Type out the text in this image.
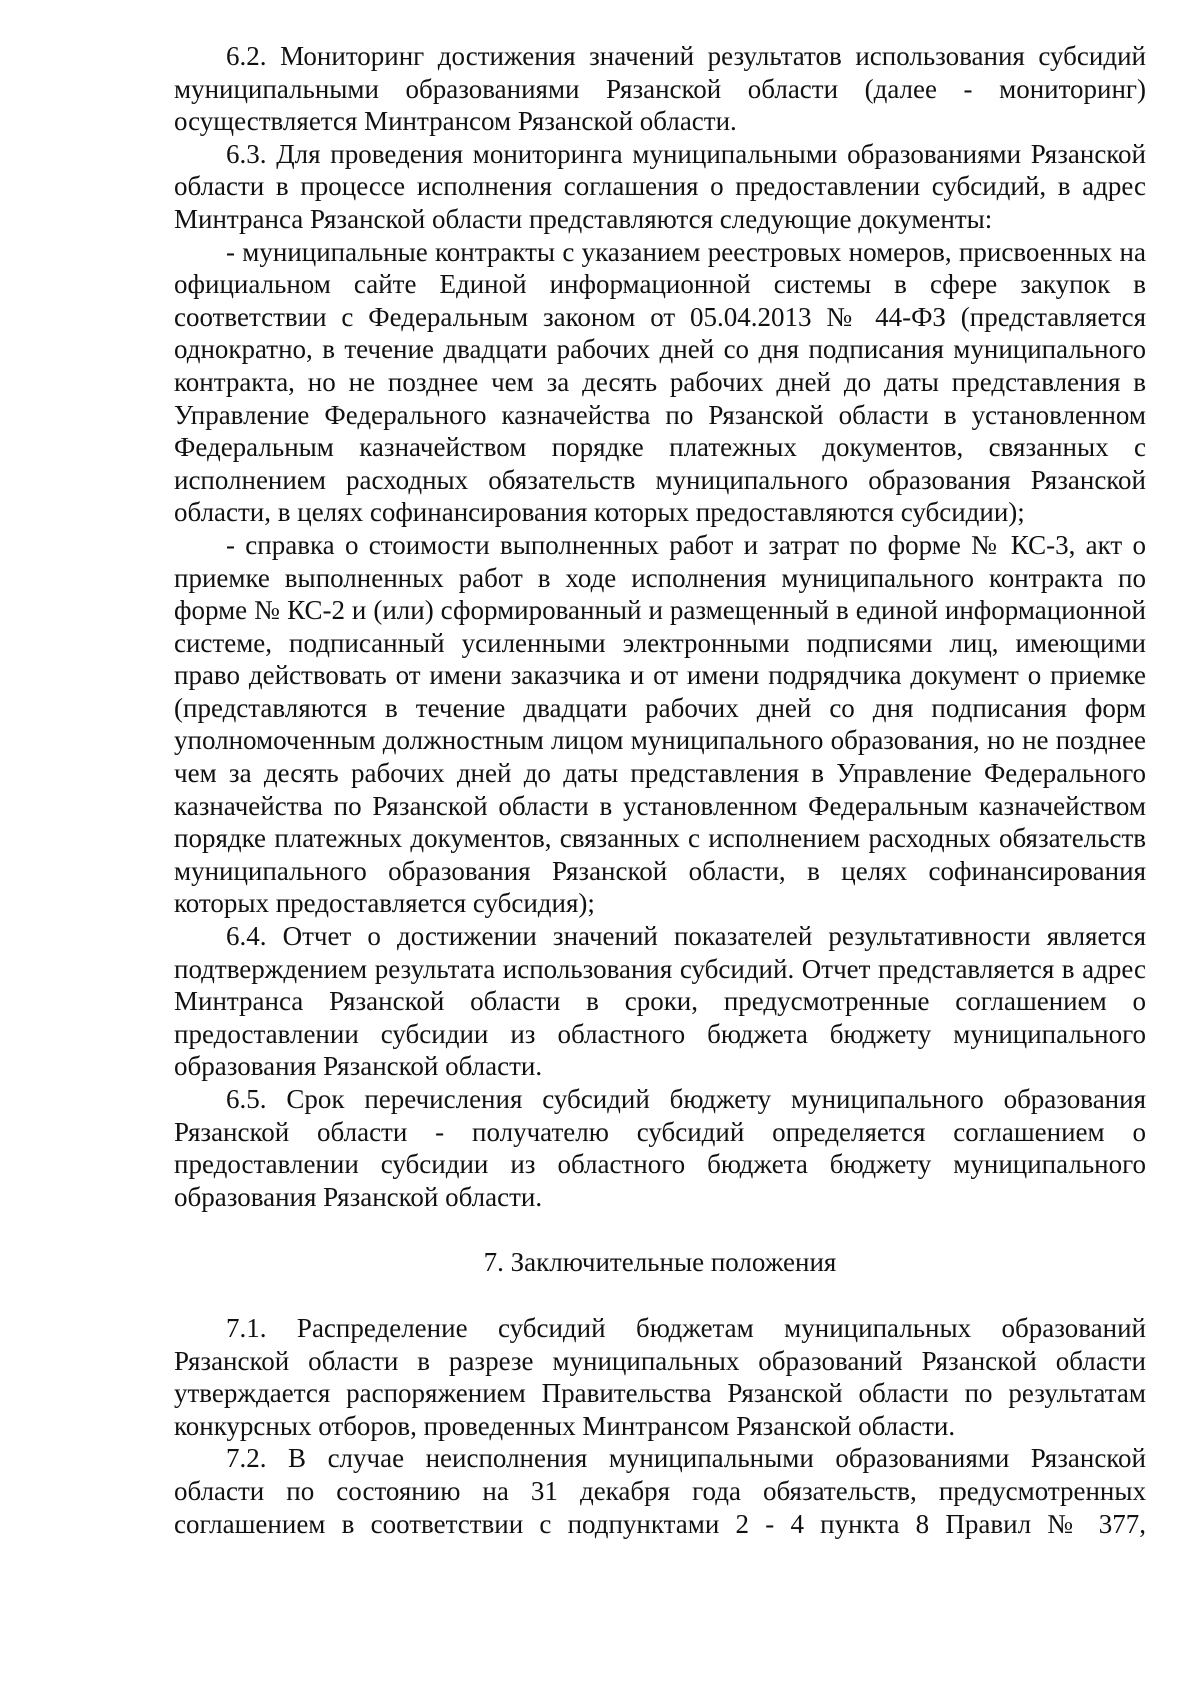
6.2. Мониторинг достижения значений результатов использования субсидий муниципальными образованиями Рязанской области (далее - мониторинг) осуществляется Минтрансом Рязанской области.

6.3. Для проведения мониторинга муниципальными образованиями Рязанской области в процессе исполнения соглашения о предоставлении субсидий, в адрес Минтранса Рязанской области представляются следующие документы:

- муниципальные контракты с указанием реестровых номеров, присвоенных на официальном сайте Единой информационной системы в сфере закупок в соответствии с Федеральным законом от 05.04.2013 № 44-ФЗ (представляется однократно, в течение двадцати рабочих дней со дня подписания муниципального контракта, но не позднее чем за десять рабочих дней до даты представления в Управление Федерального казначейства по Рязанской области в установленном Федеральным казначейством порядке платежных документов, связанных с исполнением расходных обязательств муниципального образования Рязанской области, в целях софинансирования которых предоставляются субсидии);

- справка о стоимости выполненных работ и затрат по форме № КС-3, акт о приемке выполненных работ в ходе исполнения муниципального контракта по форме № КС-2 и (или) сформированный и размещенный в единой информационной системе, подписанный усиленными электронными подписями лиц, имеющими право действовать от имени заказчика и от имени подрядчика документ о приемке (представляются в течение двадцати рабочих дней со дня подписания форм уполномоченным должностным лицом муниципального образования, но не позднее чем за десять рабочих дней до даты представления в Управление Федерального казначейства по Рязанской области в установленном Федеральным казначейством порядке платежных документов, связанных с исполнением расходных обязательств муниципального образования Рязанской области, в целях софинансирования которых предоставляется субсидия);

6.4. Отчет о достижении значений показателей результативности является подтверждением результата использования субсидий. Отчет представляется в адрес Минтранса Рязанской области в сроки, предусмотренные соглашением о предоставлении субсидии из областного бюджета бюджету муниципального образования Рязанской области.

6.5. Срок перечисления субсидий бюджету муниципального образования Рязанской области - получателю субсидий определяется соглашением о предоставлении субсидии из областного бюджета бюджету муниципального образования Рязанской области.

7. Заключительные положения

7.1. Распределение субсидий бюджетам муниципальных образований Рязанской области в разрезе муниципальных образований Рязанской области утверждается распоряжением Правительства Рязанской области по результатам конкурсных отборов, проведенных Минтрансом Рязанской области.

7.2. В случае неисполнения муниципальными образованиями Рязанской области по состоянию на 31 декабря года обязательств, предусмотренных соглашением в соответствии с подпунктами 2 - 4 пункта 8 Правил № 377,
